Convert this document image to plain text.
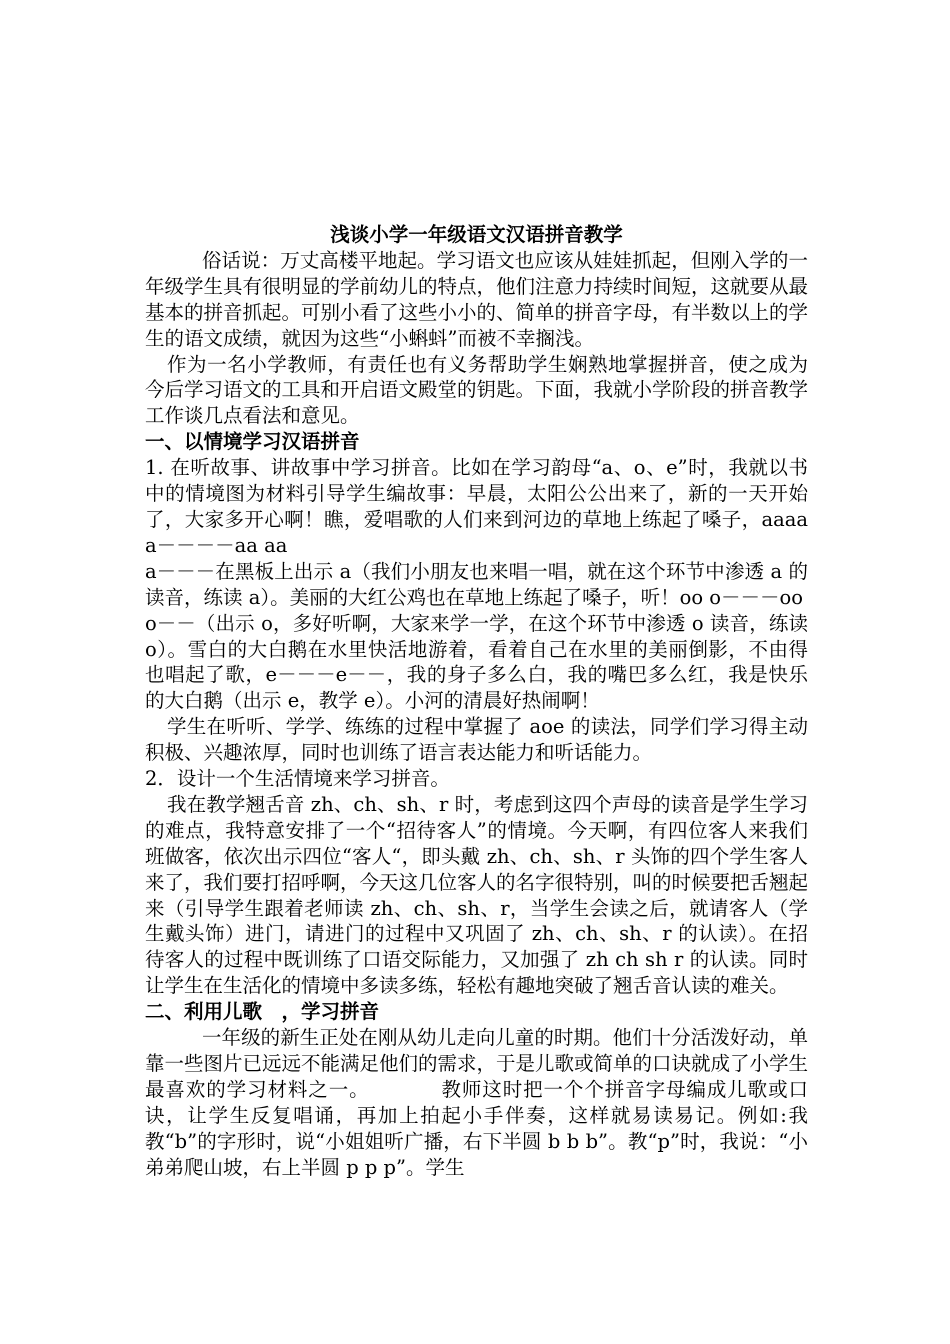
浅谈小学一年级语文汉语拼音教学

俗话说：万丈高楼平地起。学习语文也应该从娃娃抓起，但刚入学的一年级学生具有很明显的学前幼儿的特点，他们注意力持续时间短，这就要从最基本的拼音抓起。可别小看了这些小小的、简单的拼音字母，有半数以上的学生的语文成绩，就因为这些“小蝌蚪”而被不幸搁浅。

作为一名小学教师，有责任也有义务帮助学生娴熟地掌握拼音，使之成为今后学习语文的工具和开启语文殿堂的钥匙。下面，我就小学阶段的拼音教学工作谈几点看法和意见。

一、以情境学习汉语拼音

1. 在听故事、讲故事中学习拼音。比如在学习韵母“a、o、e”时，我就以书中的情境图为材料引导学生编故事：早晨，太阳公公出来了，新的一天开始了，大家多开心啊！瞧，爱唱歌的人们来到河边的草地上练起了嗓子，aaaa a－－－－aa aa

a－－－在黑板上出示 a（我们小朋友也来唱一唱，就在这个环节中渗透 a 的读音，练读 a）。美丽的大红公鸡也在草地上练起了嗓子，听！oo o－－－oo

o－－（出示 o，多好听啊，大家来学一学，在这个环节中渗透 o 读音，练读 o）。雪白的大白鹅在水里快活地游着，看着自己在水里的美丽倒影，不由得也唱起了歌，e－－－e－－，我的身子多么白，我的嘴巴多么红，我是快乐的大白鹅（出示 e，教学 e）。小河的清晨好热闹啊！

学生在听听、学学、练练的过程中掌握了 aoe 的读法，同学们学习得主动积极、兴趣浓厚，同时也训练了语言表达能力和听话能力。

2．设计一个生活情境来学习拼音。

我在教学翘舌音 zh、ch、sh、r 时，考虑到这四个声母的读音是学生学习的难点，我特意安排了一个“招待客人”的情境。今天啊，有四位客人来我们班做客，依次出示四位“客人“，即头戴 zh、ch、sh、r 头饰的四个学生客人来了，我们要打招呼啊，今天这几位客人的名字很特别，叫的时候要把舌翘起来（引导学生跟着老师读 zh、ch、sh、r，当学生会读之后，就请客人（学生戴头饰）进门，请进门的过程中又巩固了 zh、ch、sh、r 的认读）。在招待客人的过程中既训练了口语交际能力，又加强了 zh ch sh r 的认读。同时让学生在生活化的情境中多读多练，轻松有趣地突破了翘舌音认读的难关。

二、利用儿歌　，学习拼音

一年级的新生正处在刚从幼儿走向儿童的时期。他们十分活泼好动，单靠一些图片已远远不能满足他们的需求，于是儿歌或简单的口诀就成了小学生最喜欢的学习材料之一。　　　　教师这时把一个个拼音字母编成儿歌或口诀，让学生反复唱诵，再加上拍起小手伴奏，这样就易读易记。例如:我教“b”的字形时，说“小姐姐听广播，右下半圆 b b b”。教“p”时，我说：“小弟弟爬山坡，右上半圆 p p p”。学生
